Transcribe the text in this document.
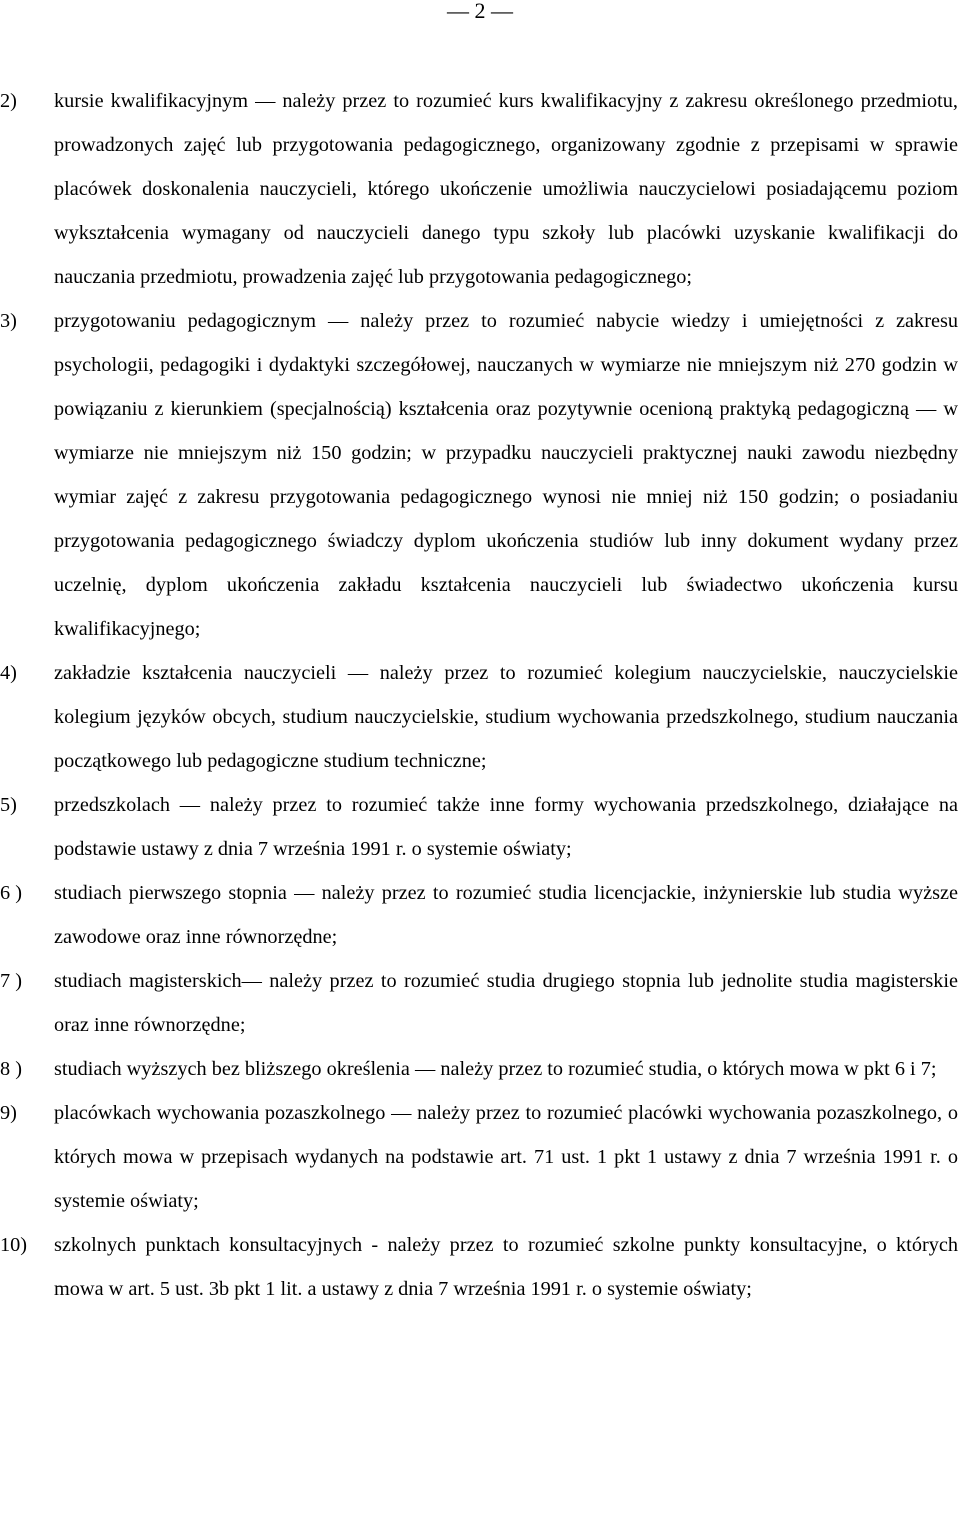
— 2 —
2) kursie kwalifikacyjnym — należy przez to rozumieć kurs kwalifikacyjny z zakresu określonego przedmiotu, prowadzonych zajęć lub przygotowania pedagogicznego, organizowany zgodnie z przepisami w sprawie placówek doskonalenia nauczycieli, którego ukończenie umożliwia nauczycielowi posiadającemu poziom wykształcenia wymagany od nauczycieli danego typu szkoły lub placówki uzyskanie kwalifikacji do nauczania przedmiotu, prowadzenia zajęć lub przygotowania pedagogicznego;
3) przygotowaniu pedagogicznym — należy przez to rozumieć nabycie wiedzy i umiejętności z zakresu psychologii, pedagogiki i dydaktyki szczegółowej, nauczanych w wymiarze nie mniejszym niż 270 godzin w powiązaniu z kierunkiem (specjalnością) kształcenia oraz pozytywnie ocenioną praktyką pedagogiczną — w wymiarze nie mniejszym niż 150 godzin; w przypadku nauczycieli praktycznej nauki zawodu niezbędny wymiar zajęć z zakresu przygotowania pedagogicznego wynosi nie mniej niż 150 godzin; o posiadaniu przygotowania pedagogicznego świadczy dyplom ukończenia studiów lub inny dokument wydany przez uczelnię, dyplom ukończenia zakładu kształcenia nauczycieli lub świadectwo ukończenia kursu kwalifikacyjnego;
4) zakładzie kształcenia nauczycieli — należy przez to rozumieć kolegium nauczycielskie, nauczycielskie kolegium języków obcych, studium nauczycielskie, studium wychowania przedszkolnego, studium nauczania początkowego lub pedagogiczne studium techniczne;
5) przedszkolach — należy przez to rozumieć także inne formy wychowania przedszkolnego, działające na podstawie ustawy z dnia 7 września 1991 r. o systemie oświaty;
6 ) studiach pierwszego stopnia — należy przez to rozumieć studia licencjackie, inżynierskie lub studia wyższe zawodowe oraz inne równorzędne;
7 ) studiach magisterskich— należy przez to rozumieć studia drugiego stopnia lub jednolite studia magisterskie oraz inne równorzędne;
8 ) studiach wyższych bez bliższego określenia — należy przez to rozumieć studia, o których mowa w pkt 6 i 7;
9) placówkach wychowania pozaszkolnego — należy przez to rozumieć placówki wychowania pozaszkolnego, o których mowa w przepisach wydanych na podstawie art. 71 ust. 1 pkt 1 ustawy z dnia 7 września 1991 r. o systemie oświaty;
10) szkolnych punktach konsultacyjnych - należy przez to rozumieć szkolne punkty konsultacyjne, o których mowa w art. 5 ust. 3b pkt 1 lit. a ustawy z dnia 7 września 1991 r. o systemie oświaty;
